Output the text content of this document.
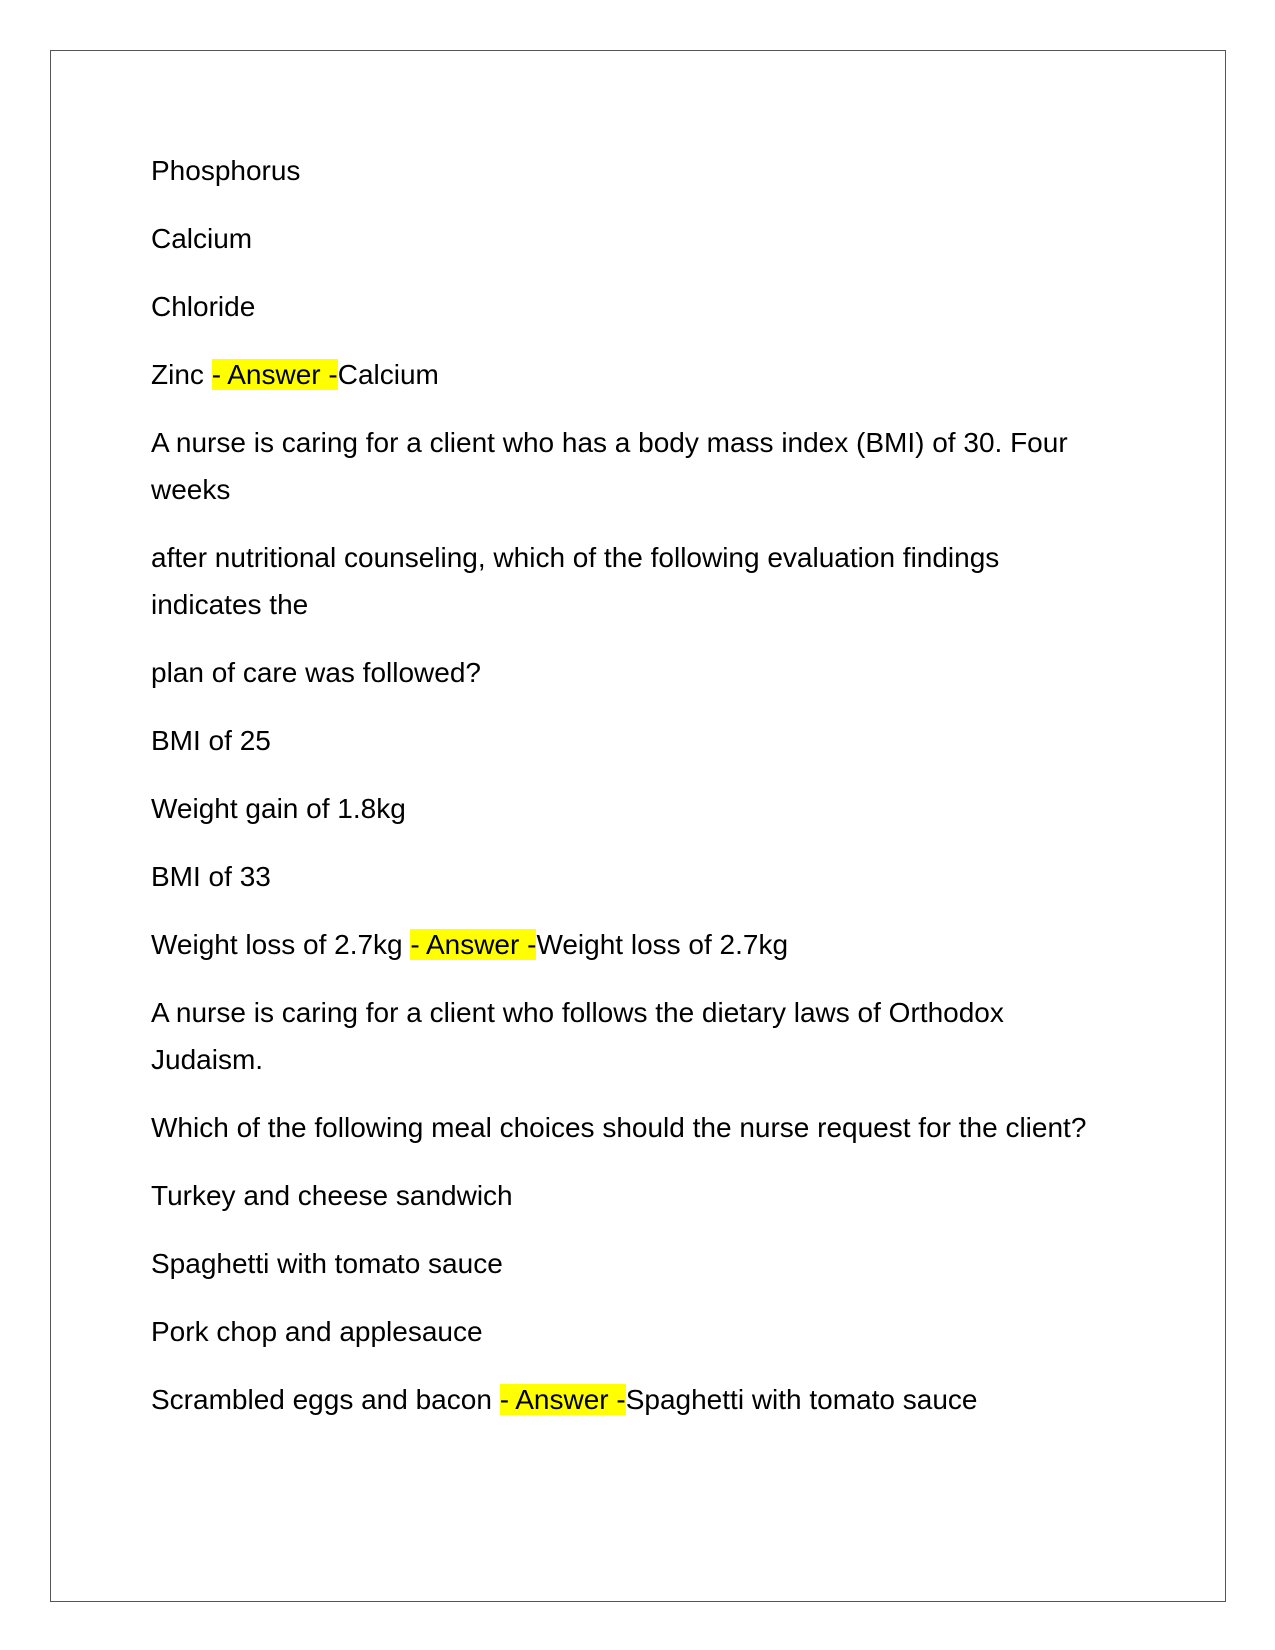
Phosphorus

Calcium

Chloride

Zinc - Answer -Calcium

A nurse is caring for a client who has a body mass index (BMI) of 30. Four weeks

after nutritional counseling, which of the following evaluation findings indicates the

plan of care was followed?

BMI of 25

Weight gain of 1.8kg

BMI of 33

Weight loss of 2.7kg - Answer -Weight loss of 2.7kg

A nurse is caring for a client who follows the dietary laws of Orthodox Judaism.

Which of the following meal choices should the nurse request for the client?

Turkey and cheese sandwich

Spaghetti with tomato sauce

Pork chop and applesauce

Scrambled eggs and bacon - Answer -Spaghetti with tomato sauce
